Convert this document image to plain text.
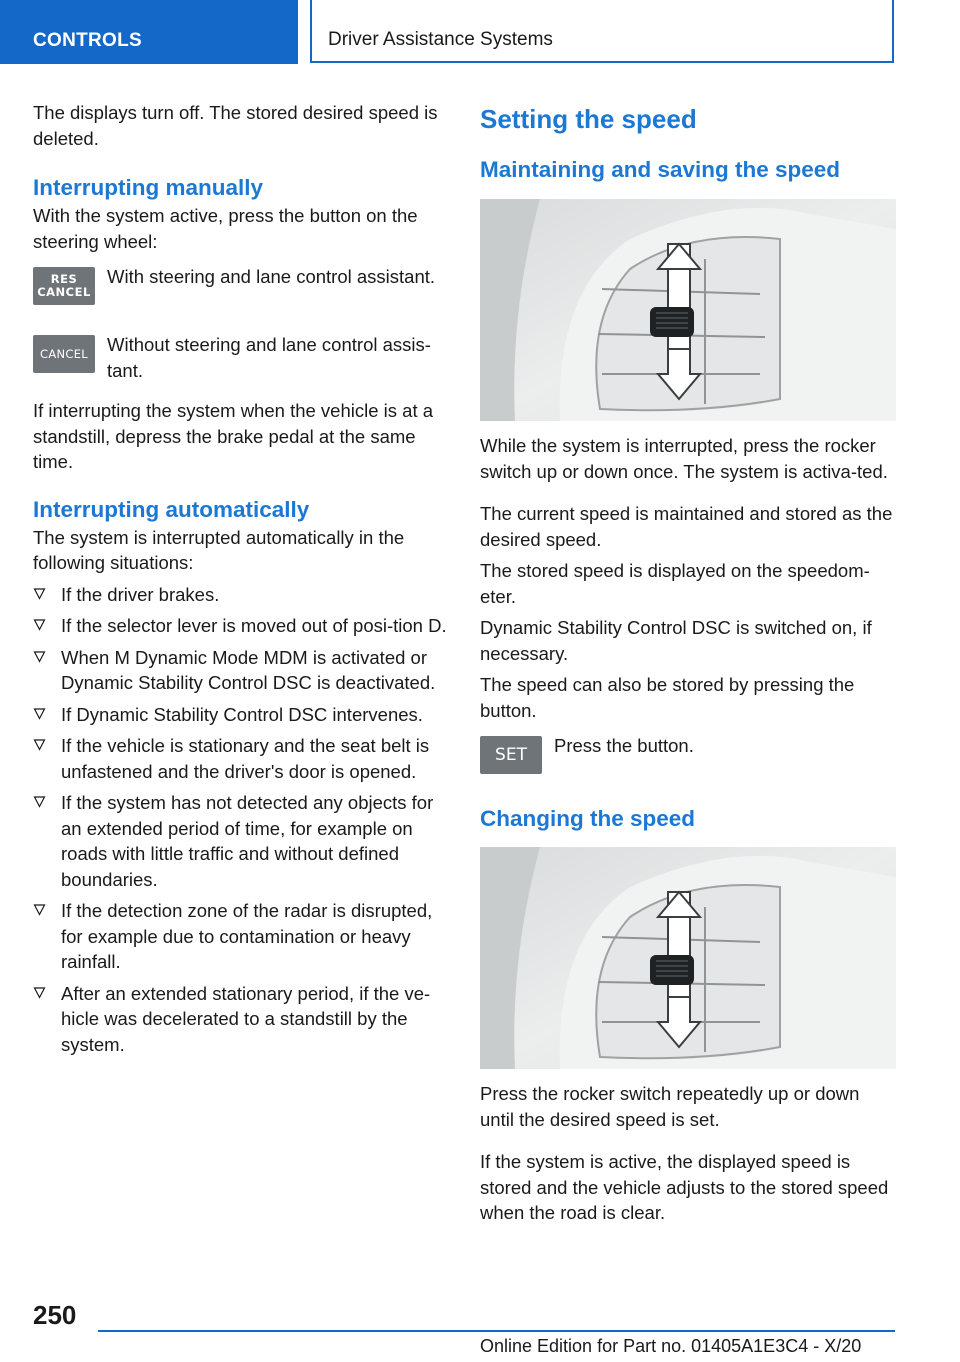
CONTROLS	Driver Assistance Systems

The displays turn off. The stored desired speed is deleted.

Interrupting manually

With the system active, press the button on the steering wheel:

RES
CANCEL

With steering and lane control assistant.

CANCEL Without steering and lane control assis‐tant.

If interrupting the system when the vehicle is at a standstill, depress the brake pedal at the same time.

Interrupting automatically

The system is interrupted automatically in the following situations:

If the driver brakes.
If the selector lever is moved out of posi‐tion D.
When M Dynamic Mode MDM is activated or Dynamic Stability Control DSC is deactivated.
If Dynamic Stability Control DSC intervenes.
If the vehicle is stationary and the seat belt is unfastened and the driver's door is opened.
If the system has not detected any objects for an extended period of time, for example on roads with little traffic and without defined boundaries.
If the detection zone of the radar is disrupted, for example due to contamination or heavy rainfall.
After an extended stationary period, if the ve‐hicle was decelerated to a standstill by the system.
Setting the speed
Maintaining and saving the speed

While the system is interrupted, press the rocker switch up or down once. The system is activa‐ted.

The current speed is maintained and stored as the desired speed.

The stored speed is displayed on the speedom‐eter.

Dynamic Stability Control DSC is switched on, if necessary.

The speed can also be stored by pressing the button.

SET Press the button.

Changing the speed

Press the rocker switch repeatedly up or down until the desired speed is set.

If the system is active, the displayed speed is stored and the vehicle adjusts to the stored speed when the road is clear.

250
Online Edition for Part no. 01405A1E3C4 - X/20
